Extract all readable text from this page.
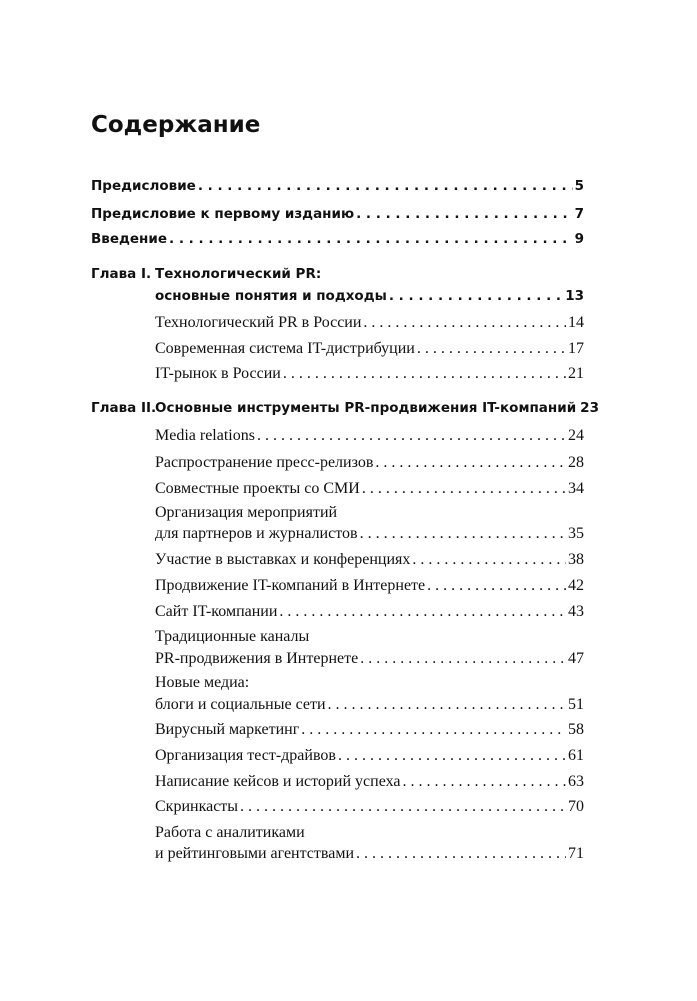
Содержание
Предисловие . . .	5
Предисловие к первому изданию . . .	7
Введение . . .	9
Глава I. Технологический PR:
основные понятия и подходы . . .	13
Технологический PR в России . . .	14
Современная система IT-дистрибуции . . .	17
IT-рынок в России . . .	21
Глава II.
Основные инструменты PR-продвижения IT-компаний 23
Media relations . . .	24
Распространение пресс-релизов . . .	28
Совместные проекты со СМИ . . .	34
Организация мероприятий
для партнеров и журналистов . . .	35
Участие в выставках и конференциях . . .	38
Продвижение IT-компаний в Интернете . . .	42
Сайт IT-компании . . .	43
Традиционные каналы
PR-продвижения в Интернете . . .	47
Новые медиа:
блоги и социальные сети . . .	51
Вирусный маркетинг . . .	58
Организация тест-драйвов . . .	61
Написание кейсов и историй успеха . . .	63
Скринкасты . . .	70
Работа с аналитиками
и рейтинговыми агентствами . . .	71
